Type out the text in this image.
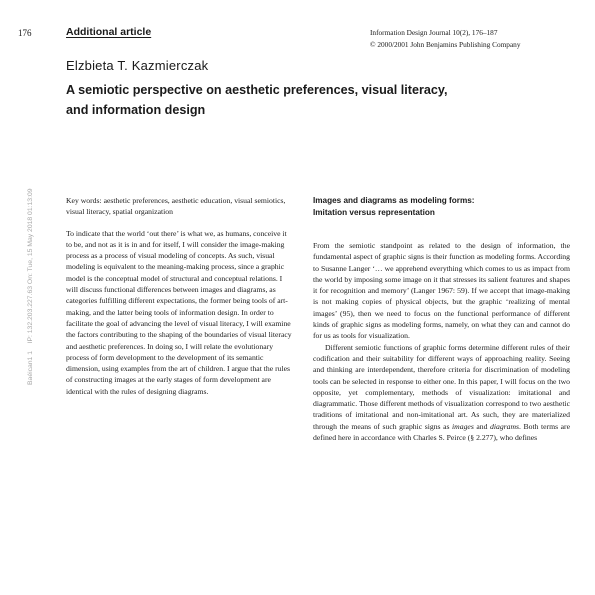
176	Additional article	Information Design Journal 10(2), 176–187
© 2000/2001 John Benjamins Publishing Company
Elzbieta T. Kazmierczak
A semiotic perspective on aesthetic preferences, visual literacy,
and information design
Baéican1 1    IP: 132.203.227.63 On: Tue, 15 May 2018 01:13:09	Key words: aesthetic preferences, aesthetic education, visual semiotics, visual literacy, spatial organization

To indicate that the world ‘out there’ is what we, as humans, conceive it to be, and not as it is in and for itself, I will consider the image-making process as a process of visual modeling of concepts. As such, visual modeling is equivalent to the meaning-making process, since a graphic model is the conceptual model of structural and conceptual relations. I will discuss functional differences between images and diagrams, as categories fulfilling different expectations, the former being tools of art-making, and the latter being tools of information design. In order to facilitate the goal of advancing the level of visual literacy, I will examine the factors contributing to the shaping of the boundaries of visual literacy and aesthetic preferences. In doing so, I will relate the evolutionary process of form development to the development of its semantic dimension, using examples from the art of children. I argue that the rules of constructing images at the early stages of form development are identical with the rules of designing diagrams.

Images and diagrams as modeling forms:
Imitation versus representation

From the semiotic standpoint as related to the design of information, the fundamental aspect of graphic signs is their function as modeling forms. According to Susanne Langer ‘… we apprehend everything which comes to us as impact from the world by imposing some image on it that stresses its salient features and shapes it for recognition and memory’ (Langer 1967: 59). If we accept that image-making is not making copies of physical objects, but the graphic ‘realizing of mental images’ (95), then we need to focus on the functional performance of different kinds of graphic signs as modeling forms, namely, on what they can and cannot do for us as tools for visualization.

Different semiotic functions of graphic forms determine different rules of their codification and their suitability for different ways of approaching reality. Seeing and thinking are interdependent, therefore criteria for discrimination of modeling tools can be selected in response to either one. In this paper, I will focus on the two opposite, yet complementary, methods of visualization: imitational and diagrammatic. Those different methods of visualization correspond to two aesthetic traditions of imitational and non-imitational art. As such, they are materialized through the means of such graphic signs as images and diagrams. Both terms are defined here in accordance with Charles S. Peirce (§ 2.277), who defines
